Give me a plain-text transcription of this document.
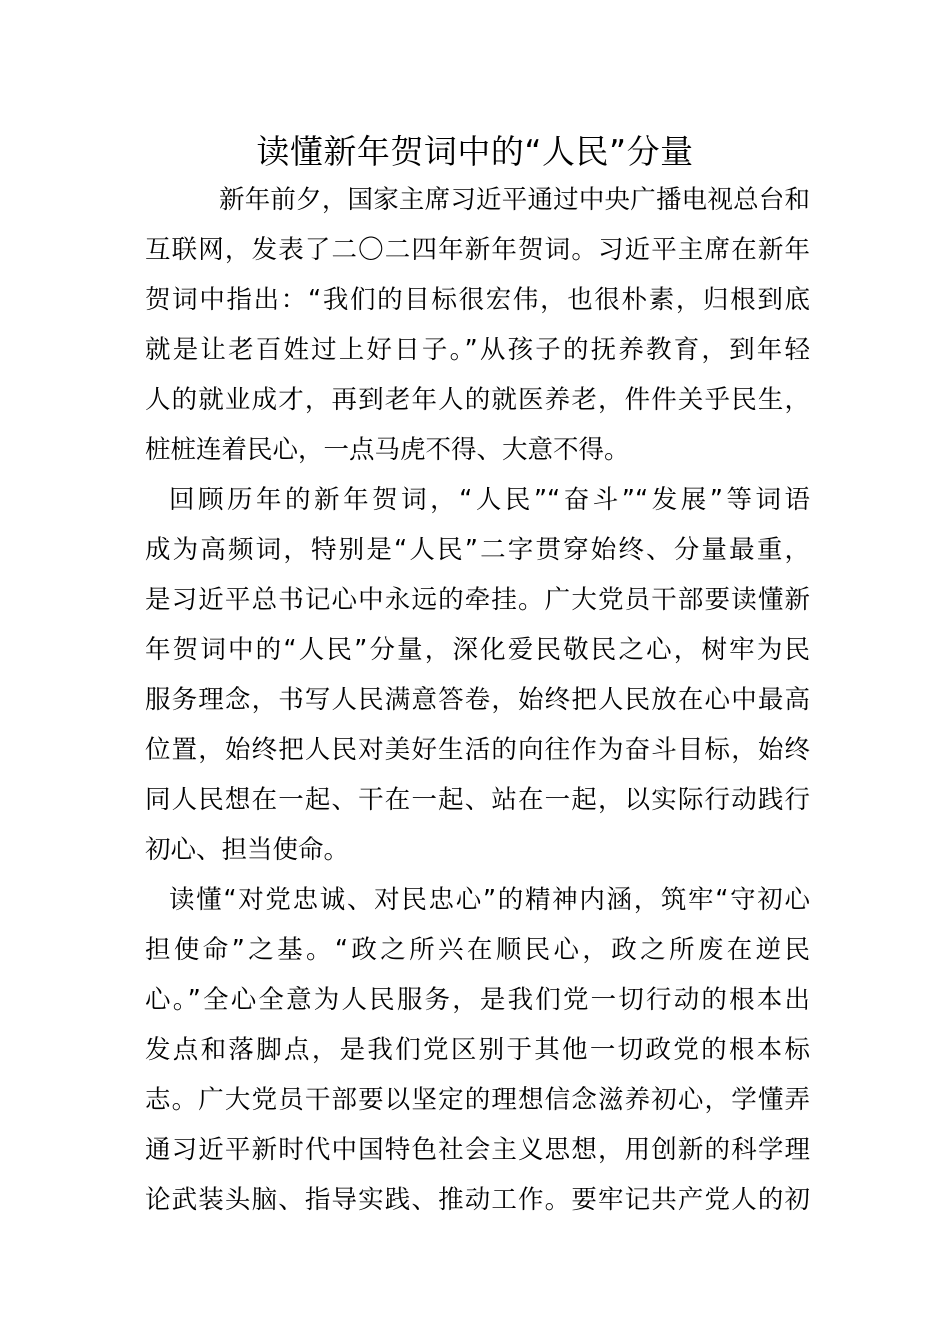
读懂新年贺词中的“人民”分量
新年前夕，国家主席习近平通过中央广播电视总台和
互联网，发表了二〇二四年新年贺词。习近平主席在新年
贺词中指出：“我们的目标很宏伟，也很朴素，归根到底
就是让老百姓过上好日子。”从孩子的抚养教育，到年轻
人的就业成才，再到老年人的就医养老，件件关乎民生，
桩桩连着民心，一点马虎不得、大意不得。
回顾历年的新年贺词，“人民”“奋斗”“发展”等词语
成为高频词，特别是“人民”二字贯穿始终、分量最重，
是习近平总书记心中永远的牵挂。广大党员干部要读懂新
年贺词中的“人民”分量，深化爱民敬民之心，树牢为民
服务理念，书写人民满意答卷，始终把人民放在心中最高
位置，始终把人民对美好生活的向往作为奋斗目标，始终
同人民想在一起、干在一起、站在一起，以实际行动践行
初心、担当使命。
读懂“对党忠诚、对民忠心”的精神内涵，筑牢“守初心
担使命”之基。“政之所兴在顺民心，政之所废在逆民
心。”全心全意为人民服务，是我们党一切行动的根本出
发点和落脚点，是我们党区别于其他一切政党的根本标
志。广大党员干部要以坚定的理想信念滋养初心，学懂弄
通习近平新时代中国特色社会主义思想，用创新的科学理
论武装头脑、指导实践、推动工作。要牢记共产党人的初
